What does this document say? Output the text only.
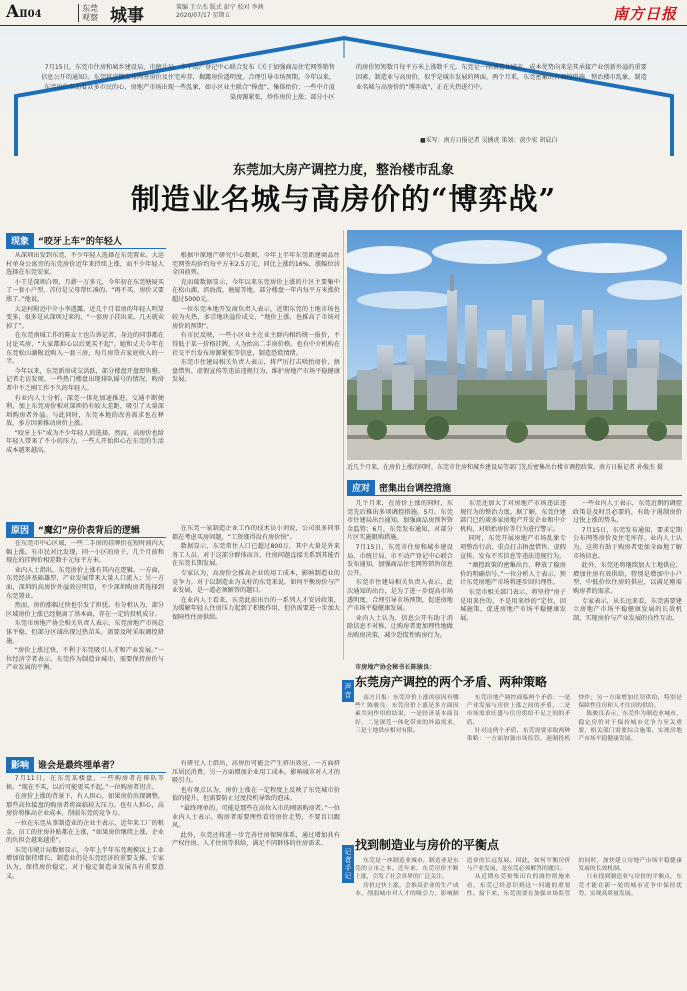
AⅡ04
东莞
观察 城事	策编 王立杰 版式 彭宁 校对 李茜
2020/07/17 星期五	南方日报
7月15日，东莞市住房和城乡建设局、市统计局、市不动产登记中心联合发布《关于加强商品住宅网签销售信息公开的通知》。东莞将定期发布网签房价及住宅库存，揭露房价透明度，合理引导市场预期。今年以来，东莞房价牵动着众多市民的心，房地产市场出现一些乱象，如小区业主联合“捧盘”、集体抬价；一些中介渲染房源紧张，炒作房价上涨；部分小区
的房价短短数月每平方米上涨数千元。东莞是一座制造业城市，成本优势向来是其承接产业创新外溢的重要因素，制造业与高房价，似乎是城市发展的两面。两个月来，东莞密集出台调控措施，整治楼市乱象。制造业名城与高房价的“博弈战”，正在火热进行中。
■采写：南方日报记者 吴擒虎 策划：黄少宏 胡晨白
东莞加大房产调控力度，整治楼市乱象
制造业名城与高房价的“博弈战”
现象	“咬牙上车”的年轻人

从深圳出发到东莞，不少年轻人选择在东莞置业。大运村单身公寓旁的东莞房价近年来持续上涨，而不少年轻人选择在东莞安家。

小王是深圳白领，月薪一万多元，今年初在东莞塘厦买了一套小户型，首付是父母帮忙凑的。“再不买，房价又要涨了。”他说。

大运村附近中介小李透露，近几个月看房的年轻人明显变多，很多是从深圳过来的，“一套房子挂出来，几天就卖掉了”。

在东莞南城工作的陈女士也告诉记者，身边的同事都在讨论买房，“大家都担心以后更买不起”。她和丈夫今年在东莞松山湖附近购入一套三房，每月房贷占家庭收入的一半。

今年以来，东莞新房成交活跃，部分楼盘开盘即售罄。记者走访发现，一些热门楼盘出现排队摇号的情况，购房者中不乏刚工作不久的年轻人。

有业内人士分析，深莞一体化加速推进，交通不断便利，加上东莞房价相对深圳仍有较大差距，吸引了大量深圳购房者外溢。与此同时，东莞本地的改善需求也在释放，多方因素推动房价上涨。

“咬牙上车”成为不少年轻人的选择。然而，高房价也给年轻人带来了不小的压力，一些人开始担心在东莞的生活成本越来越高。

根据中原地产研究中心数据，今年上半年东莞新建商品住宅网签均价约每平方米2.5万元，同比上涨约16%，涨幅位居全国前列。

克而瑞数据显示，今年以来东莞房价上涨的片区主要集中在松山湖、滨海湾、塘厦等地，部分楼盘一年内每平方米涨价超过5000元。

一位东莞本地开发商负责人表示，近期东莞的土地市场也较为火热，多宗地块溢价成交，“地价上涨，也推高了市场对房价的预期”。

有市民反映，一些小区业主在业主群内相约统一报价，不得低于某一价格挂牌，人为抬高二手房价格。也有中介机构在社交平台发布房源紧张等信息，制造恐慌情绪。

东莞市住建局相关负责人表示，将严厉打击哄抬房价、捂盘惜售、虚假宣传等违法违规行为，维护房地产市场平稳健康发展。

原因	“魔幻”房价表背后的逻辑

在东莞市中心区域，一些二手房的挂牌价在短时间内大幅上涨。有市民对比发现，同一小区的房子，几个月前和现在的挂牌价相差数千元每平方米。

业内人士指出，东莞房价上涨有其内在逻辑。一方面，东莞经济基础雄厚，产业发展带来大量人口流入；另一方面，深圳的高房价外溢效应明显，不少深圳购房者选择到东莞置业。

然而，房价涨幅过快也引发了担忧。有分析认为，部分区域房价上涨已经脱离了基本面，存在一定的投机成分。

东莞市房地产协会相关负责人表示，东莞房地产市场总体平稳，但部分区域出现过热苗头，需要及时采取调控措施。

“房价上涨过快，不利于东莞吸引人才和产业发展。”一位经济学者表示，东莞作为制造业城市，需要保持房价与产业发展的平衡。

在东莞一家制造企业工作的技术员小刘说，公司很多同事都在考虑买房问题，“工资涨得没有房价快”。

数据显示，东莞常住人口已超过800万，其中大量是外来务工人员。对于这部分群体而言，住房问题直接关系到其能否在东莞长期发展。

专家认为，高房价会推高企业的用工成本，影响制造业的竞争力。对于以制造业为支柱的东莞来说，如何平衡房价与产业发展，是一道必须解答的题目。

在业内人士看来，东莞此前出台的一系列人才安居政策，为缓解年轻人住房压力起到了积极作用，但仍需要进一步加大保障性住房供给。

影响	谁会是最终埋单者？

7月11日，在东莞某楼盘，一些购房者在排队等候。“现在不买，以后可能更买不起。”一位购房者坦言。

在房价上涨的背景下，有人担心，如果房价出现调整，那些高位接盘的购房者将面临较大压力。也有人担心，高房价将推高企业成本，削弱东莞的竞争力。

一位在东莞从事制造业的企业主表示，近年来工厂的租金、员工的住房补贴都在上涨，“如果房价继续上涨，企业的负担会越来越重”。

东莞市统计局数据显示，今年上半年东莞规模以上工业增加值保持增长，制造业仍是东莞经济的重要支撑。专家认为，保持房价稳定，对于稳定制造业发展具有重要意义。

有研究人士指出，高房价可能会产生挤出效应，一方面挤压居民消费，另一方面增加企业用工成本，影响城市对人才的吸引力。

也有观点认为，房价上涨在一定程度上反映了东莞城市价值的提升，但需要防止过度投机导致的泡沫。

“最终埋单的，可能是那些在高位入市的刚需购房者。”一位业内人士表示，购房者需要理性看待房价走势，不要盲目跟风。

此外，东莞还将进一步完善住房保障体系，通过增加共有产权住房、人才住房等供给，满足不同群体的住房需求。

近几个月来，在房价上涨的同时，东莞市住房和城乡建设局等部门先后密集出台楼市调控政策。南方日报记者 孙俊杰 摄
应对	密集出台调控措施

几个月来，在房价上涨的同时，东莞先后推出多项调控措施。5月，东莞市住建局出台通知，加强商品房预售资金监管；6月，东莞发布通知，对部分片区实施限购措施。

7月15日，东莞市住房和城乡建设局、市统计局、市不动产登记中心联合发布通知，加强商品住宅网签销售信息公开。

东莞市住建局相关负责人表示，此次通知的出台，是为了进一步提高市场透明度，合理引导市场预期，促进房地产市场平稳健康发展。

业内人士认为，信息公开有助于消除信息不对称，让购房者更加理性地做出购房决策，减少恐慌性购房行为。

东莞还加大了对房地产市场违法违规行为的整治力度。据了解，东莞住建部门已约谈多家房地产开发企业和中介机构，对哄抬房价等行为进行警示。

同时，东莞开展房地产市场乱象专项整治行动，重点打击捂盘惜售、虚假宣传、发布不实信息等违法违规行为。

“调控政策的密集出台，释放了稳房价的明确信号。”一位分析人士表示，预计东莞房地产市场将逐步回归理性。

东莞市相关部门表示，将坚持“房子是用来住的，不是用来炒的”定位，因城施策，促进房地产市场平稳健康发展。

一些业内人士表示，东莞近期的调控政策是及时且必要的，有助于遏制房价过快上涨的势头。

7月15日，东莞发布通知，要求定期公布网签房价及住宅库存。业内人士认为，这将有助于购房者更加全面地了解市场信息。

此外，东莞还将继续加大土地供应，增加住房有效供给，特别是增加中小户型、中低价位住房的供应，以满足刚需购房者的需求。

专家表示，从长远来看，东莞需要建立房地产市场平稳健康发展的长效机制，实现房价与产业发展的良性互动。

声音
市房地产协会秘书长陈骏良：
东莞房产调控的两个矛盾、两种策略

南方日报：东莞房价上涨的原因有哪些？陈骏良：东莞房价上涨是多方面因素共同作用的结果，一是经济基本面良好，二是深莞一体化带来的外溢需求，三是土地供应相对有限。

东莞房地产调控面临两个矛盾：一是产业发展与房价上涨之间的矛盾，二是市场需求旺盛与住房供给不足之间的矛盾。

针对这两个矛盾，东莞需要采取两种策略：一方面加强市场监管，遏制投机炒作；另一方面增加住房供给，特别是保障性住房和人才住房的供给。

陈骏良表示，东莞作为制造业城市，稳定房价对于保持城市竞争力至关重要，相关部门需要综合施策，实现房地产市场平稳健康发展。

记者手记
找到制造业与房价的平衡点

东莞是一座制造业城市，制造业是东莞的立市之本。近年来，东莞房价不断上涨，引发了社会各界的广泛关注。

房价过快上涨，会推高企业的生产成本，削弱城市对人才的吸引力，影响制造业的长远发展。因此，如何平衡房价与产业发展，是东莞必须解答的题目。

从近期东莞密集出台的调控措施来看，东莞已经意识到这一问题的重要性。接下来，东莞需要在加强市场监管的同时，加快建立房地产市场平稳健康发展的长效机制。

只有找到制造业与房价的平衡点，东莞才能在新一轮的城市竞争中保持优势，实现高质量发展。
